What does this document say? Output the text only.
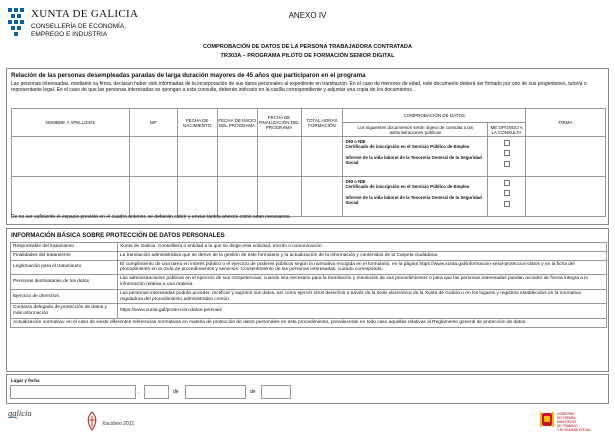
XUNTA DE GALICIA
CONSELLERÍA DE ECONOMÍA,
EMPREGO E INDUSTRIA
ANEXO IV
COMPROBACIÓN DE DATOS DE LA PERSONA TRABAJADORA CONTRATADA
TR303A – PROGRAMA PILOTO DE FORMACIÓN SENIOR DIGITAL
Relación de las personas desempleadas paradas de larga duración mayores de 45 años que participaron en el programa
Las personas interesadas, mediante su firma, declaran haber sido informadas de la incorporación de sus datos personales al expediente en tramitación. En el caso de menores de edad, este documento deberá ser firmado por uno de sus progenitores, tutor/a o representante legal. En el caso de que las personas interesadas se opongan a esta consulta, deberán indicarlo en la casilla correspondiente y adjuntar una copia de los documentos.
NOMBRE Y APELLIDOS	NIF	FECHA DE NACIMIENTO	FECHA DE INICIO DEL PROGRAMA	FECHA DE FINALIZACIÓN DEL PROGRAMA	TOTAL HORAS FORMACIÓN	COMPROBACIÓN DE DATOS		FIRMA
						Los siguientes documentos serán objeto de consulta a las administraciones públicas	ME OPONGO A LA CONSULTA	

						DNI o NIE
Certificado de inscripción en el Servicio Público de Empleo
Informe de la vida laboral de la Tesorería General de la Seguridad Social		

						DNI o NIE
Certificado de inscripción en el Servicio Público de Empleo
Informe de la vida laboral de la Tesorería General de la Seguridad Social		

De no ser suficiente el espacio previsto en el cuadro anterior, se deberán cubrir y enviar tantos anexos como sean necesarios.
INFORMACIÓN BÁSICA SOBRE PROTECCIÓN DE DATOS PERSONALES
Responsable del tratamiento	Xunta de Galicia. Consellería o entidad a la que se dirige esta solicitud, escrito o comunicación.
Finalidades del tratamiento	La tramitación administrativa que se derive de la gestión de este formulario y la actualización de la información y contenidos de la Carpeta ciudadana.
Legitimación para el tratamiento	El cumplimiento de una tarea en interés público o el ejercicio de poderes públicos según la normativa recogida en el formulario, en la página https://www.xunta.gal/informacion-xeral-proteccion-datos y en la ficha del procedimiento en la Guía de procedimientos y servicios. Consentimiento de las personas interesadas, cuando corresponda.
Personas destinatarias de los datos	Las administraciones públicas en el ejercicio de sus competencias, cuando sea necesario para la tramitación y resolución de sus procedimientos o para que las personas interesadas puedan acceder de forma íntegra a la información relativa a una materia.
Ejercicio de derechos	Las personas interesadas podrán acceder, rectificar y suprimir sus datos, así como ejercer otros derechos a través de la sede electrónica de la Xunta de Galicia o en los lugares y registros establecidos en la normativa reguladora del procedimiento administrativo común.
Contacto delegado de protección de datos y más información	https://www.xunta.gal/proteccion-datos-persoais
Actualización normativa: en el caso de existir diferentes referencias normativas en materia de protección de datos personales en este procedimiento, prevalecerán en todo caso aquellas relativas al Reglamento general de protección de datos.	
Lugar y fecha
,	de	de
galicia
Xacobeo 2021
GOBIERNO
DE ESPAÑA
MINISTERIO
DE TRABAJO
Y ECONOMÍA SOCIAL
